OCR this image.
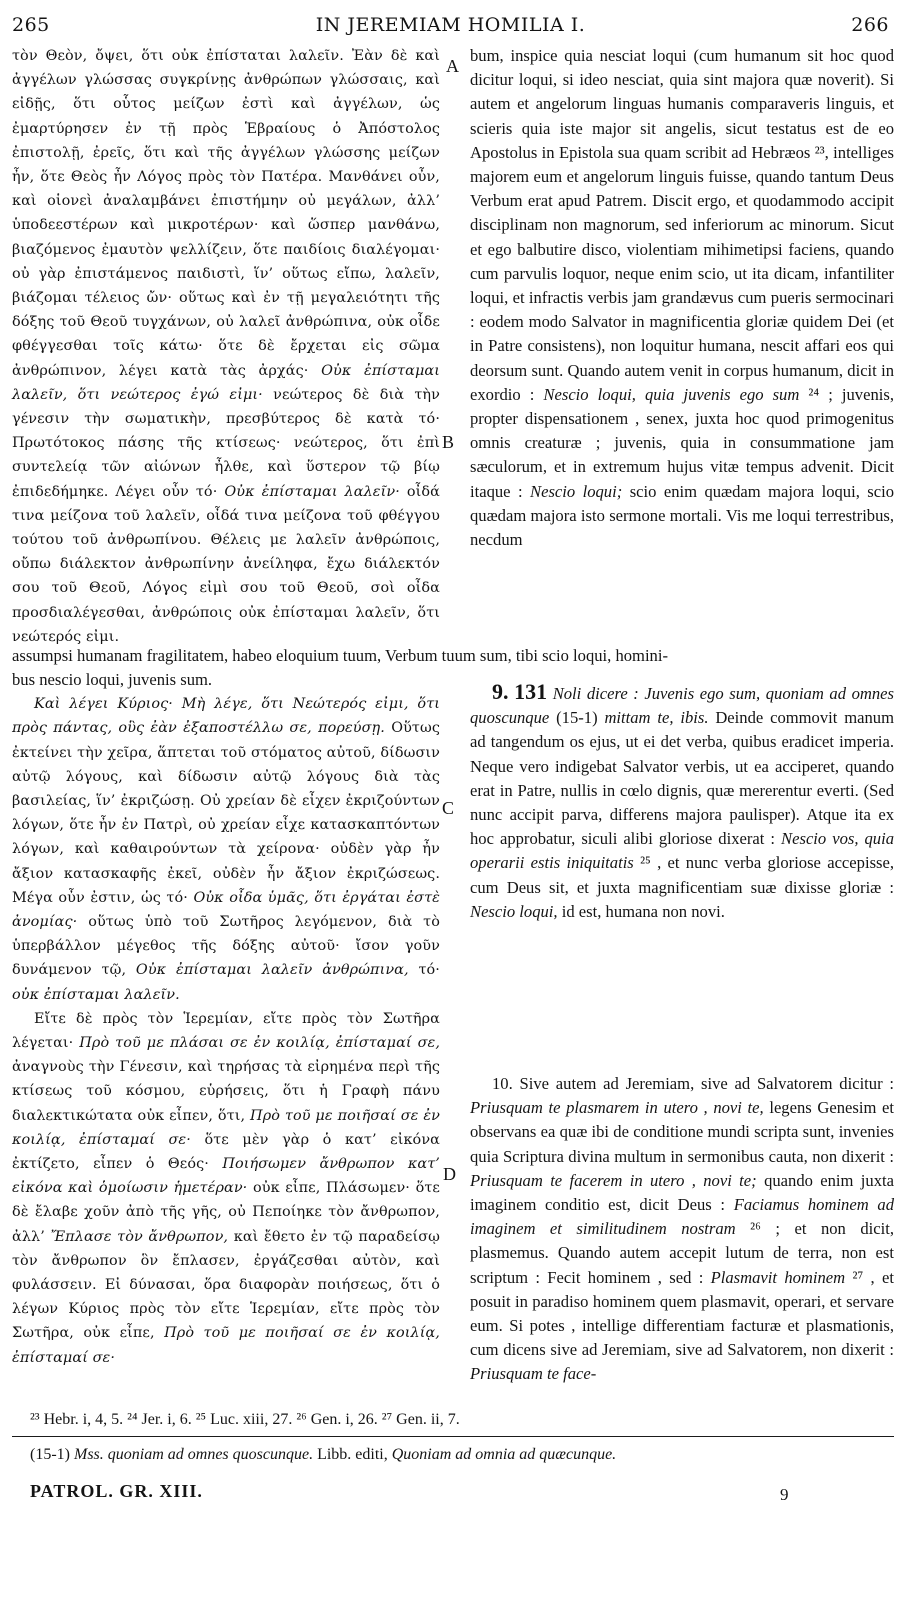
265	IN JEREMIAM HOMILIA I.	266
A
B
C
D

τὸν Θεὸν, ὄψει, ὅτι οὐκ ἐπίσταται λαλεῖν. Ἐὰν δὲ καὶ ἀγγέλων γλώσσας συγκρίνῃς ἀνθρώπων γλώσσαις, καὶ εἰδῇς, ὅτι οὗτος μείζων ἐστὶ καὶ ἀγγέλων, ὡς ἐμαρτύρησεν ἐν τῇ πρὸς Ἑβραίους ὁ Ἀπόστολος ἐπιστολῇ, ἐρεῖς, ὅτι καὶ τῆς ἀγγέλων γλώσσης μείζων ἦν, ὅτε Θεὸς ἦν Λόγος πρὸς τὸν Πατέρα. Μανθάνει οὖν, καὶ οἱονεὶ ἀναλαμβάνει ἐπιστήμην οὐ μεγάλων, ἀλλ’ ὑποδεεστέρων καὶ μικροτέρων· καὶ ὥσπερ μανθάνω, βιαζόμενος ἐμαυτὸν ψελλίζειν, ὅτε παιδίοις διαλέγομαι· οὐ γὰρ ἐπιστάμενος παιδιστὶ, ἵν’ οὕτως εἴπω, λαλεῖν, βιάζομαι τέλειος ὤν· οὕτως καὶ ἐν τῇ μεγαλειότητι τῆς δόξης τοῦ Θεοῦ τυγχάνων, οὐ λαλεῖ ἀνθρώπινα, οὐκ οἶδε φθέγγεσθαι τοῖς κάτω· ὅτε δὲ ἔρχεται εἰς σῶμα ἀνθρώπινον, λέγει κατὰ τὰς ἀρχάς· Οὐκ ἐπίσταμαι λαλεῖν, ὅτι νεώτερος ἐγώ εἰμι· νεώτερος δὲ διὰ τὴν γένεσιν τὴν σωματικὴν, πρεσβύτερος δὲ κατὰ τό· Πρωτότοκος πάσης τῆς κτίσεως· νεώτερος, ὅτι ἐπὶ συντελείᾳ τῶν αἰώνων ἦλθε, καὶ ὕστερον τῷ βίῳ ἐπιδεδήμηκε. Λέγει οὖν τό· Οὐκ ἐπίσταμαι λαλεῖν· οἶδά τινα μείζονα τοῦ λαλεῖν, οἶδά τινα μείζονα τοῦ φθέγγου τούτου τοῦ ἀνθρωπίνου. Θέλεις με λαλεῖν ἀνθρώποις, οὔπω διάλεκτον ἀνθρωπίνην ἀνείληφα, ἔχω διάλεκτόν σου τοῦ Θεοῦ, Λόγος εἰμὶ σου τοῦ Θεοῦ, σοὶ οἶδα προσδιαλέγεσθαι, ἀνθρώποις οὐκ ἐπίσταμαι λαλεῖν, ὅτι νεώτερός εἰμι.

assumpsi humanam fragilitatem, habeo eloquium tuum, Verbum tuum sum, tibi scio loqui, homini-

bus nescio loqui, juvenis sum.

Καὶ λέγει Κύριος· Μὴ λέγε, ὅτι Νεώτερός εἰμι, ὅτι πρὸς πάντας, οὓς ἐὰν ἐξαποστέλλω σε, πορεύσῃ. Οὕτως ἐκτείνει τὴν χεῖρα, ἅπτεται τοῦ στόματος αὐτοῦ, δίδωσιν αὐτῷ λόγους, καὶ δίδωσιν αὐτῷ λόγους διὰ τὰς βασιλείας, ἵν’ ἐκριζώσῃ. Οὐ χρείαν δὲ εἶχεν ἐκριζούντων λόγων, ὅτε ἦν ἐν Πατρὶ, οὐ χρείαν εἶχε κατασκαπτόντων λόγων, καὶ καθαιρούντων τὰ χείρονα· οὐδὲν γὰρ ἦν ἄξιον κατασκαφῆς ἐκεῖ, οὐδὲν ἦν ἄξιον ἐκριζώσεως. Μέγα οὖν ἐστιν, ὡς τό· Οὐκ οἶδα ὑμᾶς, ὅτι ἐργάται ἐστὲ ἀνομίας· οὕτως ὑπὸ τοῦ Σωτῆρος λεγόμενον, διὰ τὸ ὑπερβάλλον μέγεθος τῆς δόξης αὐτοῦ· ἴσον γοῦν δυνάμενον τῷ, Οὐκ ἐπίσταμαι λαλεῖν ἀνθρώπινα, τό· οὐκ ἐπίσταμαι λαλεῖν.

Εἴτε δὲ πρὸς τὸν Ἱερεμίαν, εἴτε πρὸς τὸν Σωτῆρα λέγεται· Πρὸ τοῦ με πλάσαι σε ἐν κοιλίᾳ, ἐπίσταμαί σε, ἀναγνοὺς τὴν Γένεσιν, καὶ τηρήσας τὰ εἰρημένα περὶ τῆς κτίσεως τοῦ κόσμου, εὑρήσεις, ὅτι ἡ Γραφὴ πάνυ διαλεκτικώτατα οὐκ εἶπεν, ὅτι, Πρὸ τοῦ με ποιῆσαί σε ἐν κοιλίᾳ, ἐπίσταμαί σε· ὅτε μὲν γὰρ ὁ κατ’ εἰκόνα ἐκτίζετο, εἶπεν ὁ Θεός· Ποιήσωμεν ἄνθρωπον κατ’ εἰκόνα καὶ ὁμοίωσιν ἡμετέραν· οὐκ εἶπε, Πλάσωμεν· ὅτε δὲ ἔλαβε χοῦν ἀπὸ τῆς γῆς, οὐ Πεποίηκε τὸν ἄνθρωπον, ἀλλ’ Ἔπλασε τὸν ἄνθρωπον, καὶ ἔθετο ἐν τῷ παραδείσῳ τὸν ἄνθρωπον ὃν ἔπλασεν, ἐργάζεσθαι αὐτὸν, καὶ φυλάσσειν. Εἰ δύνασαι, ὅρα διαφορὰν ποιήσεως, ὅτι ὁ λέγων Κύριος πρὸς τὸν εἴτε Ἱερεμίαν, εἴτε πρὸς τὸν Σωτῆρα, οὐκ εἶπε, Πρὸ τοῦ με ποιῆσαί σε ἐν κοιλίᾳ, ἐπίσταμαί σε·

bum, inspice quia nesciat loqui (cum humanum sit hoc quod dicitur loqui, si ideo nesciat, quia sint majora quæ noverit). Si autem et angelorum linguas humanis comparaveris linguis, et scieris quia iste major sit angelis, sicut testatus est de eo Apostolus in Epistola sua quam scribit ad Hebræos ²³, intelliges majorem eum et angelorum linguis fuisse, quando tantum Deus Verbum erat apud Patrem. Discit ergo, et quodammodo accipit disciplinam non magnorum, sed inferiorum ac minorum. Sicut et ego balbutire disco, violentiam mihimetipsi faciens, quando cum parvulis loquor, neque enim scio, ut ita dicam, infantiliter loqui, et infractis verbis jam grandævus cum pueris sermocinari : eodem modo Salvator in magnificentia gloriæ quidem Dei (et in Patre consistens), non loquitur humana, nescit affari eos qui deorsum sunt. Quando autem venit in corpus humanum, dicit in exordio : Nescio loqui, quia juvenis ego sum ²⁴ ; juvenis, propter dispensationem , senex, juxta hoc quod primogenitus omnis creaturæ ; juvenis, quia in consummatione jam sæculorum, et in extremum hujus vitæ tempus advenit. Dicit itaque : Nescio loqui; scio enim quædam majora loqui, scio quædam majora isto sermone mortali. Vis me loqui terrestribus, necdum

9. 131 Noli dicere : Juvenis ego sum, quoniam ad omnes quoscunque (15-1) mittam te, ibis. Deinde commovit manum ad tangendum os ejus, ut ei det verba, quibus eradicet imperia. Neque vero indigebat Salvator verbis, ut ea acciperet, quando erat in Patre, nullis in cœlo dignis, quæ mererentur everti. (Sed nunc accipit parva, differens majora paulisper). Atque ita ex hoc approbatur, siculi alibi gloriose dixerat : Nescio vos, quia operarii estis iniquitatis ²⁵ , et nunc verba gloriose accepisse, cum Deus sit, et juxta magnificentiam suæ dixisse gloriæ : Nescio loqui, id est, humana non novi.

10. Sive autem ad Jeremiam, sive ad Salvatorem dicitur : Priusquam te plasmarem in utero , novi te, legens Genesim et observans ea quæ ibi de conditione mundi scripta sunt, invenies quia Scriptura divina multum in sermonibus cauta, non dixerit : Priusquam te facerem in utero , novi te; quando enim juxta imaginem conditio est, dicit Deus : Faciamus hominem ad imaginem et similitudinem nostram ²⁶ ; et non dicit, plasmemus. Quando autem accepit lutum de terra, non est scriptum : Fecit hominem , sed : Plasmavit hominem ²⁷ , et posuit in paradiso hominem quem plasmavit, operari, et servare eum. Si potes , intellige differentiam facturæ et plasmationis, cum dicens sive ad Jeremiam, sive ad Salvatorem, non dixerit : Priusquam te face-

²³ Hebr. i, 4, 5. ²⁴ Jer. i, 6. ²⁵ Luc. xiii, 27. ²⁶ Gen. i, 26. ²⁷ Gen. ii, 7.
(15-1) Mss. quoniam ad omnes quoscunque. Libb. editi, Quoniam ad omnia ad quæcunque.
PATROL. GR. XIII.	9
